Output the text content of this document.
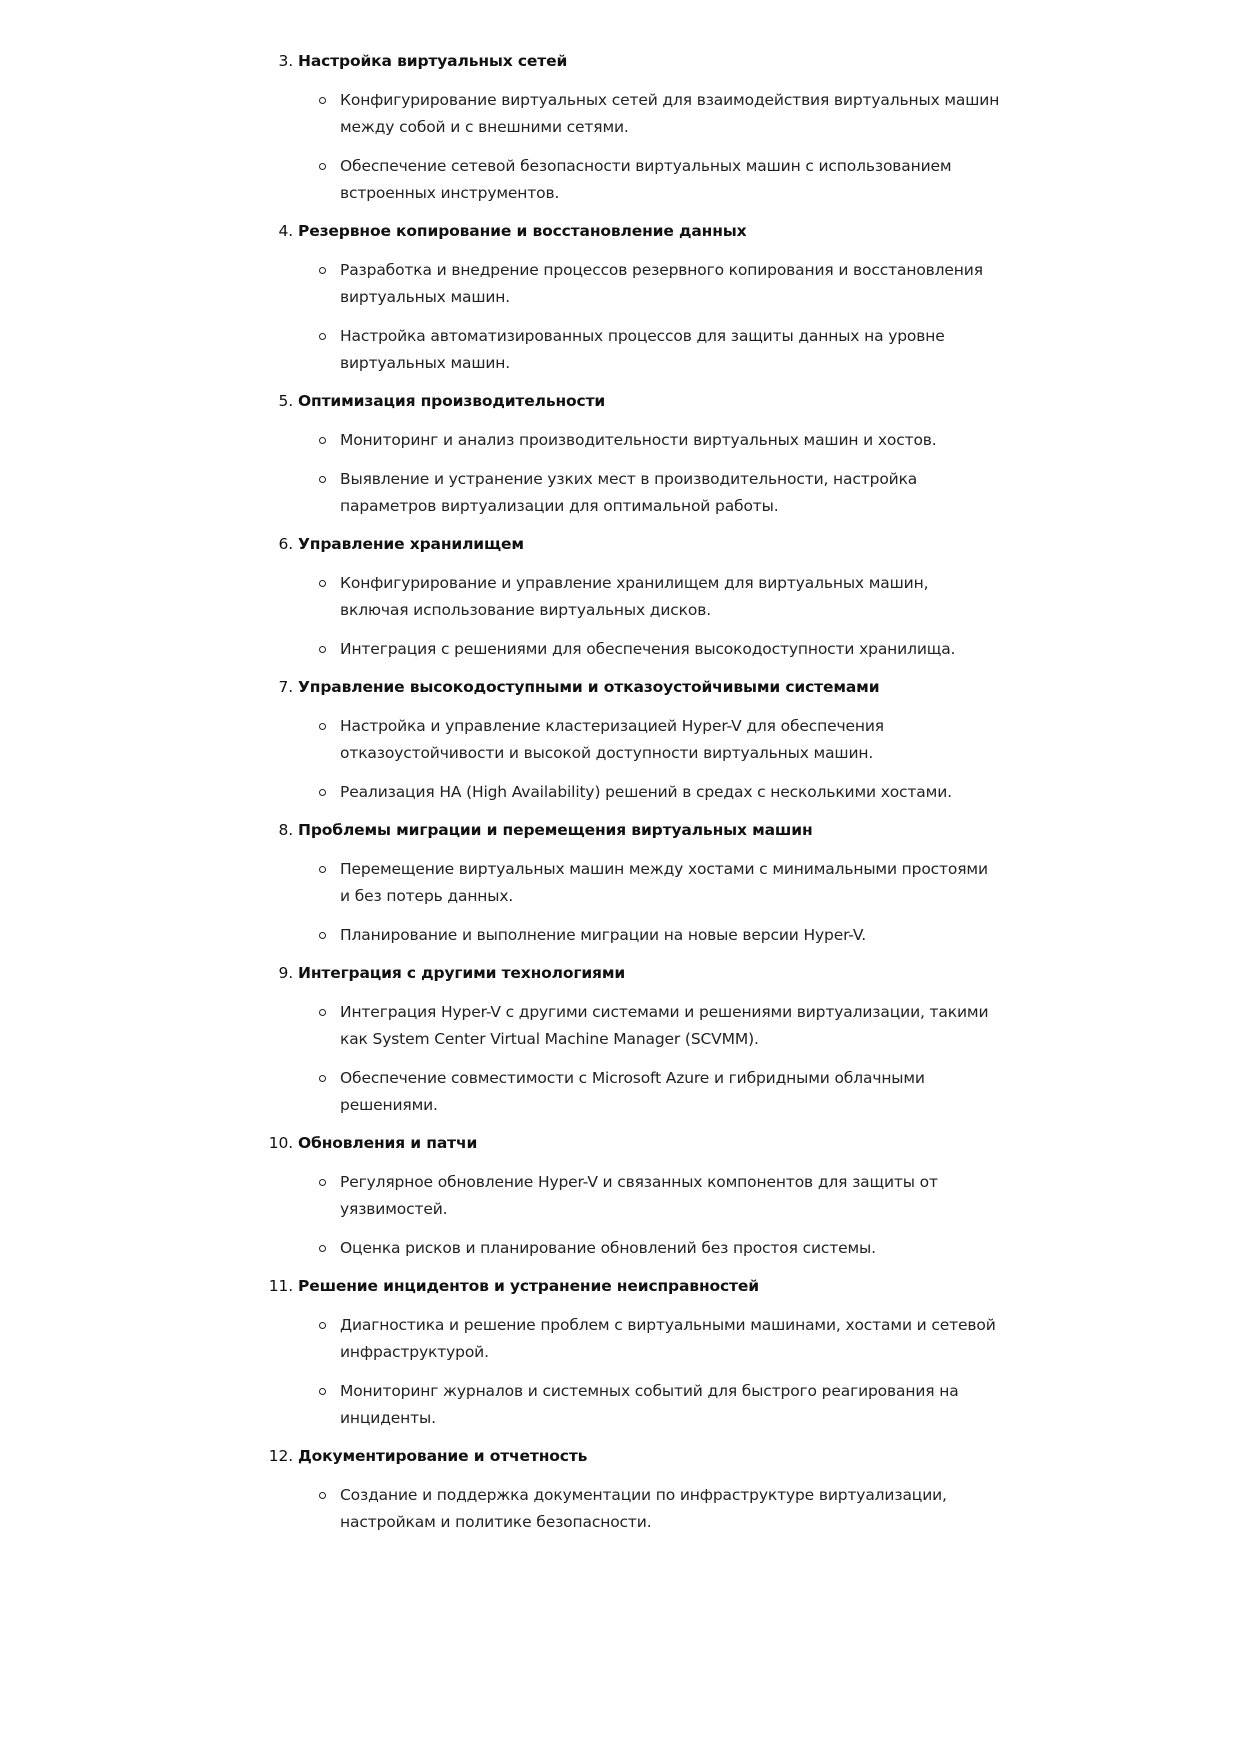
3. Настройка виртуальных сетей
Конфигурирование виртуальных сетей для взаимодействия виртуальных машин между собой и с внешними сетями.
Обеспечение сетевой безопасности виртуальных машин с использованием встроенных инструментов.
4. Резервное копирование и восстановление данных
Разработка и внедрение процессов резервного копирования и восстановления виртуальных машин.
Настройка автоматизированных процессов для защиты данных на уровне виртуальных машин.
5. Оптимизация производительности
Мониторинг и анализ производительности виртуальных машин и хостов.
Выявление и устранение узких мест в производительности, настройка параметров виртуализации для оптимальной работы.
6. Управление хранилищем
Конфигурирование и управление хранилищем для виртуальных машин, включая использование виртуальных дисков.
Интеграция с решениями для обеспечения высокодоступности хранилища.
7. Управление высокодоступными и отказоустойчивыми системами
Настройка и управление кластеризацией Hyper-V для обеспечения отказоустойчивости и высокой доступности виртуальных машин.
Реализация HA (High Availability) решений в средах с несколькими хостами.
8. Проблемы миграции и перемещения виртуальных машин
Перемещение виртуальных машин между хостами с минимальными простоями и без потерь данных.
Планирование и выполнение миграции на новые версии Hyper-V.
9. Интеграция с другими технологиями
Интеграция Hyper-V с другими системами и решениями виртуализации, такими как System Center Virtual Machine Manager (SCVMM).
Обеспечение совместимости с Microsoft Azure и гибридными облачными решениями.
10. Обновления и патчи
Регулярное обновление Hyper-V и связанных компонентов для защиты от уязвимостей.
Оценка рисков и планирование обновлений без простоя системы.
11. Решение инцидентов и устранение неисправностей
Диагностика и решение проблем с виртуальными машинами, хостами и сетевой инфраструктурой.
Мониторинг журналов и системных событий для быстрого реагирования на инциденты.
12. Документирование и отчетность
Создание и поддержка документации по инфраструктуре виртуализации, настройкам и политике безопасности.
